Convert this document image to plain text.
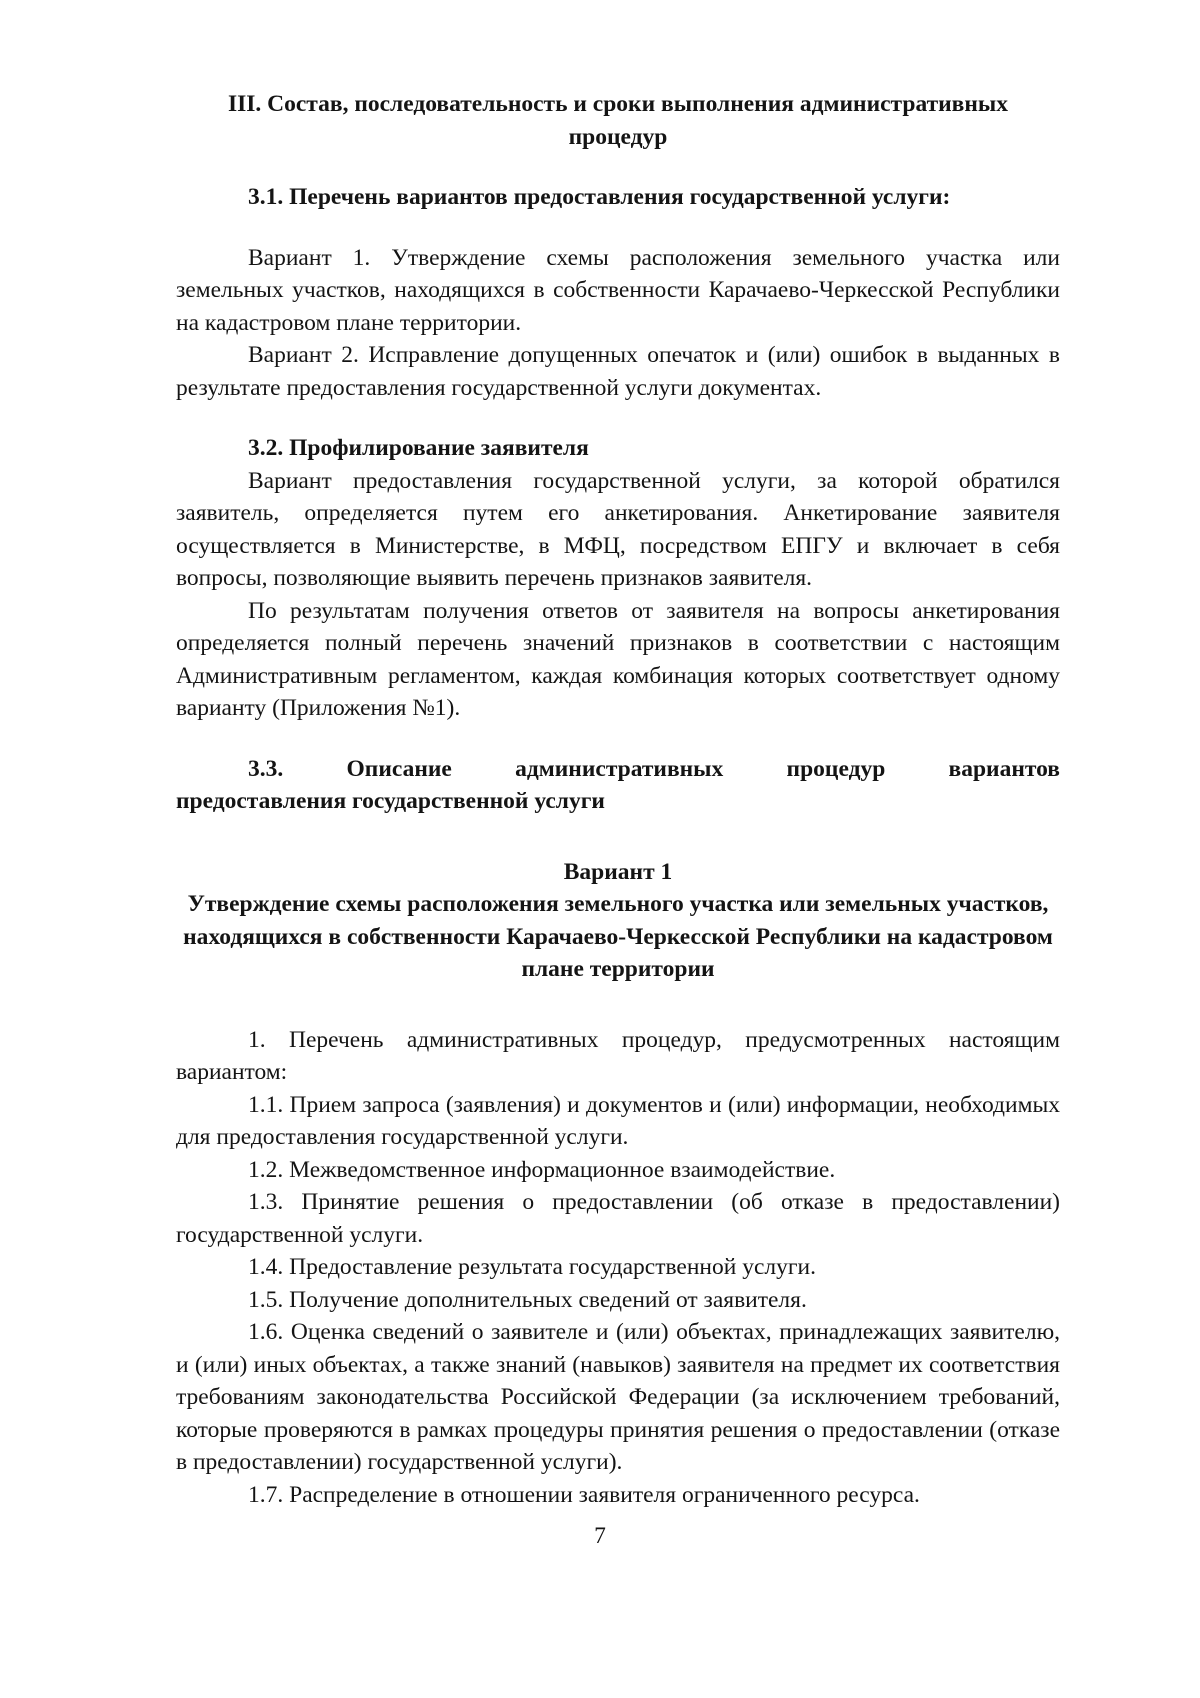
III. Состав, последовательность и сроки выполнения административных процедур

3.1. Перечень вариантов предоставления государственной услуги:

Вариант 1. Утверждение схемы расположения земельного участка или земельных участков, находящихся в собственности Карачаево-Черкесской Республики на кадастровом плане территории.

Вариант 2. Исправление допущенных опечаток и (или) ошибок в выданных в результате предоставления государственной услуги документах.

3.2. Профилирование заявителя

Вариант предоставления государственной услуги, за которой обратился заявитель, определяется путем его анкетирования. Анкетирование заявителя осуществляется в Министерстве, в МФЦ, посредством ЕПГУ и включает в себя вопросы, позволяющие выявить перечень признаков заявителя.

По результатам получения ответов от заявителя на вопросы анкетирования определяется полный перечень значений признаков в соответствии с настоящим Административным регламентом, каждая комбинация которых соответствует одному варианту (Приложения №1).

3.3.	Описание	административных	процедур	вариантов
предоставления государственной услуги

Вариант 1

Утверждение схемы расположения земельного участка или земельных участков, находящихся в собственности Карачаево-Черкесской Республики на кадастровом плане территории

1. Перечень административных процедур, предусмотренных настоящим вариантом:

1.1. Прием запроса (заявления) и документов и (или) информации, необходимых для предоставления государственной услуги.

1.2. Межведомственное информационное взаимодействие.

1.3. Принятие решения о предоставлении (об отказе в предоставлении) государственной услуги.

1.4. Предоставление результата государственной услуги.

1.5. Получение дополнительных сведений от заявителя.

1.6. Оценка сведений о заявителе и (или) объектах, принадлежащих заявителю, и (или) иных объектах, а также знаний (навыков) заявителя на предмет их соответствия требованиям законодательства Российской Федерации (за исключением требований, которые проверяются в рамках процедуры принятия решения о предоставлении (отказе в предоставлении) государственной услуги).

1.7. Распределение в отношении заявителя ограниченного ресурса.

7
